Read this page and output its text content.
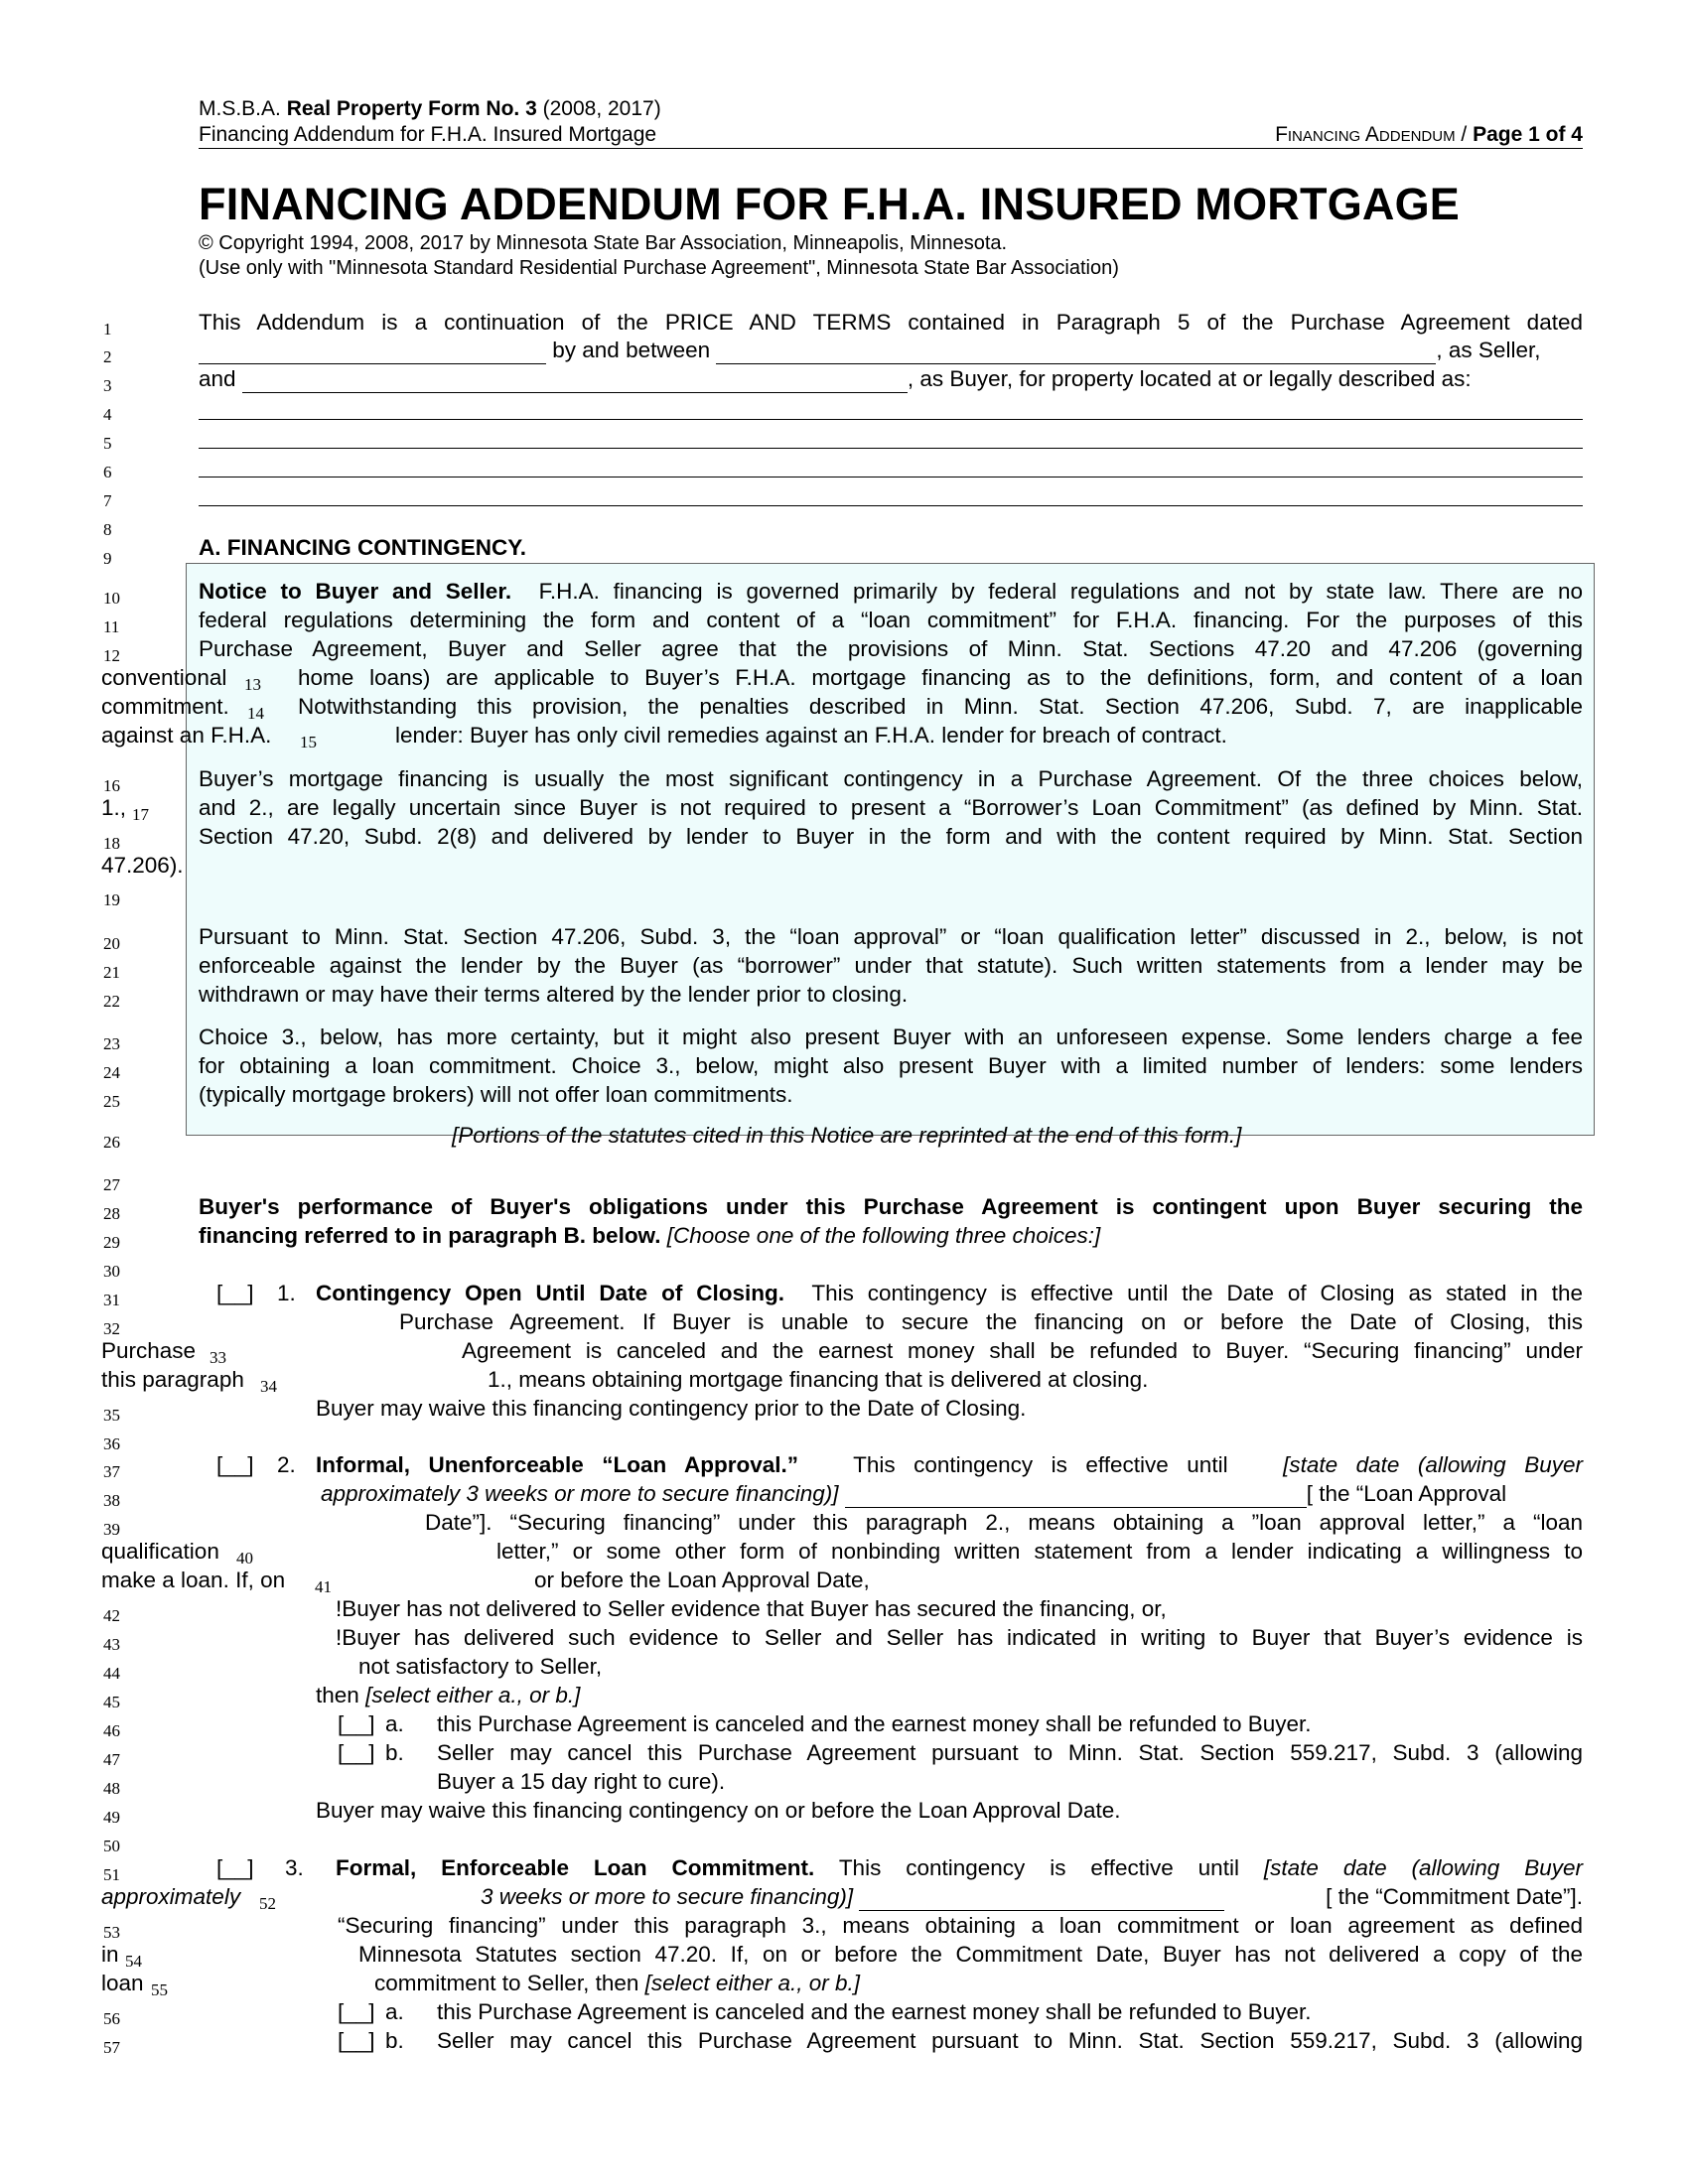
M.S.B.A. Real Property Form No. 3 (2008, 2017)
Financing Addendum for F.H.A. Insured Mortgage	Financing Addendum / Page 1 of 4
FINANCING ADDENDUM FOR F.H.A. INSURED MORTGAGE
© Copyright 1994, 2008, 2017 by Minnesota State Bar Association, Minneapolis, Minnesota.
(Use only with "Minnesota Standard Residential Purchase Agreement", Minnesota State Bar Association)
1
2
3
4
5
6
7
8
9
10
11
12
13
14
15
16
17
18
19
20
21
22
23
24
25
26
27
28
29
30
31
32
33
34
35
36
37
38
39
40
41
42
43
44
45
46
47
48
49
50
51
52
53
54
55
56
57
This Addendum is a continuation of the PRICE AND TERMS contained in Paragraph 5 of the Purchase Agreement dated
by and between	, as Seller,
and	, as Buyer, for property located at or legally described as:
A. FINANCING CONTINGENCY.
Notice to Buyer and Seller. F.H.A. financing is governed primarily by federal regulations and not by state law. There are no
federal regulations determining the form and content of a “loan commitment” for F.H.A. financing. For the purposes of this
Purchase Agreement, Buyer and Seller agree that the provisions of Minn. Stat. Sections 47.20 and 47.206 (governing
conventional	home loans) are applicable to Buyer’s F.H.A. mortgage financing as to the definitions, form, and content of a loan
commitment.	Notwithstanding this provision, the penalties described in Minn. Stat. Section 47.206, Subd. 7, are inapplicable
against an F.H.A.	lender: Buyer has only civil remedies against an F.H.A. lender for breach of contract.
Buyer’s mortgage financing is usually the most significant contingency in a Purchase Agreement. Of the three choices below,
1.,	and 2., are legally uncertain since Buyer is not required to present a “Borrower’s Loan Commitment” (as defined by Minn. Stat.
Section 47.20, Subd. 2(8) and delivered by lender to Buyer in the form and with the content required by Minn. Stat. Section
47.206).
Pursuant to Minn. Stat. Section 47.206, Subd. 3, the “loan approval” or “loan qualification letter” discussed in 2., below, is not
enforceable against the lender by the Buyer (as “borrower” under that statute). Such written statements from a lender may be
withdrawn or may have their terms altered by the lender prior to closing.
Choice 3., below, has more certainty, but it might also present Buyer with an unforeseen expense. Some lenders charge a fee
for obtaining a loan commitment. Choice 3., below, might also present Buyer with a limited number of lenders: some lenders
(typically mortgage brokers) will not offer loan commitments.
[Portions of the statutes cited in this Notice are reprinted at the end of this form.]
Buyer's performance of Buyer's obligations under this Purchase Agreement is contingent upon Buyer securing the
financing referred to in paragraph B. below. [Choose one of the following three choices:]
[__] 1. Contingency Open Until Date of Closing. This contingency is effective until the Date of Closing as stated in the
Purchase Agreement. If Buyer is unable to secure the financing on or before the Date of Closing, this
Purchase	Agreement is canceled and the earnest money shall be refunded to Buyer. “Securing financing” under
this paragraph	1., means obtaining mortgage financing that is delivered at closing.
Buyer may waive this financing contingency prior to the Date of Closing.
[__] 2. Informal, Unenforceable “Loan Approval.” This contingency is effective until [state date (allowing Buyer
approximately 3 weeks or more to secure financing)]	[ the “Loan Approval
Date”]. “Securing financing” under this paragraph 2., means obtaining a ”loan approval letter,” a “loan
qualification	letter,” or some other form of nonbinding written statement from a lender indicating a willingness to
make a loan. If, on	or before the Loan Approval Date,
!Buyer has not delivered to Seller evidence that Buyer has secured the financing, or,
!Buyer has delivered such evidence to Seller and Seller has indicated in writing to Buyer that Buyer’s evidence is
not satisfactory to Seller,
then [select either a., or b.]
[__] a. this Purchase Agreement is canceled and the earnest money shall be refunded to Buyer.
[__] b. Seller may cancel this Purchase Agreement pursuant to Minn. Stat. Section 559.217, Subd. 3 (allowing
Buyer a 15 day right to cure).
Buyer may waive this financing contingency on or before the Loan Approval Date.
[__] 3. Formal, Enforceable Loan Commitment. This contingency is effective until [state date (allowing Buyer
approximately	3 weeks or more to secure financing)]	[ the “Commitment Date”].
“Securing financing” under this paragraph 3., means obtaining a loan commitment or loan agreement as defined
in	Minnesota Statutes section 47.20. If, on or before the Commitment Date, Buyer has not delivered a copy of the
loan	commitment to Seller, then [select either a., or b.]
[__] a. this Purchase Agreement is canceled and the earnest money shall be refunded to Buyer.
[__] b. Seller may cancel this Purchase Agreement pursuant to Minn. Stat. Section 559.217, Subd. 3 (allowing
